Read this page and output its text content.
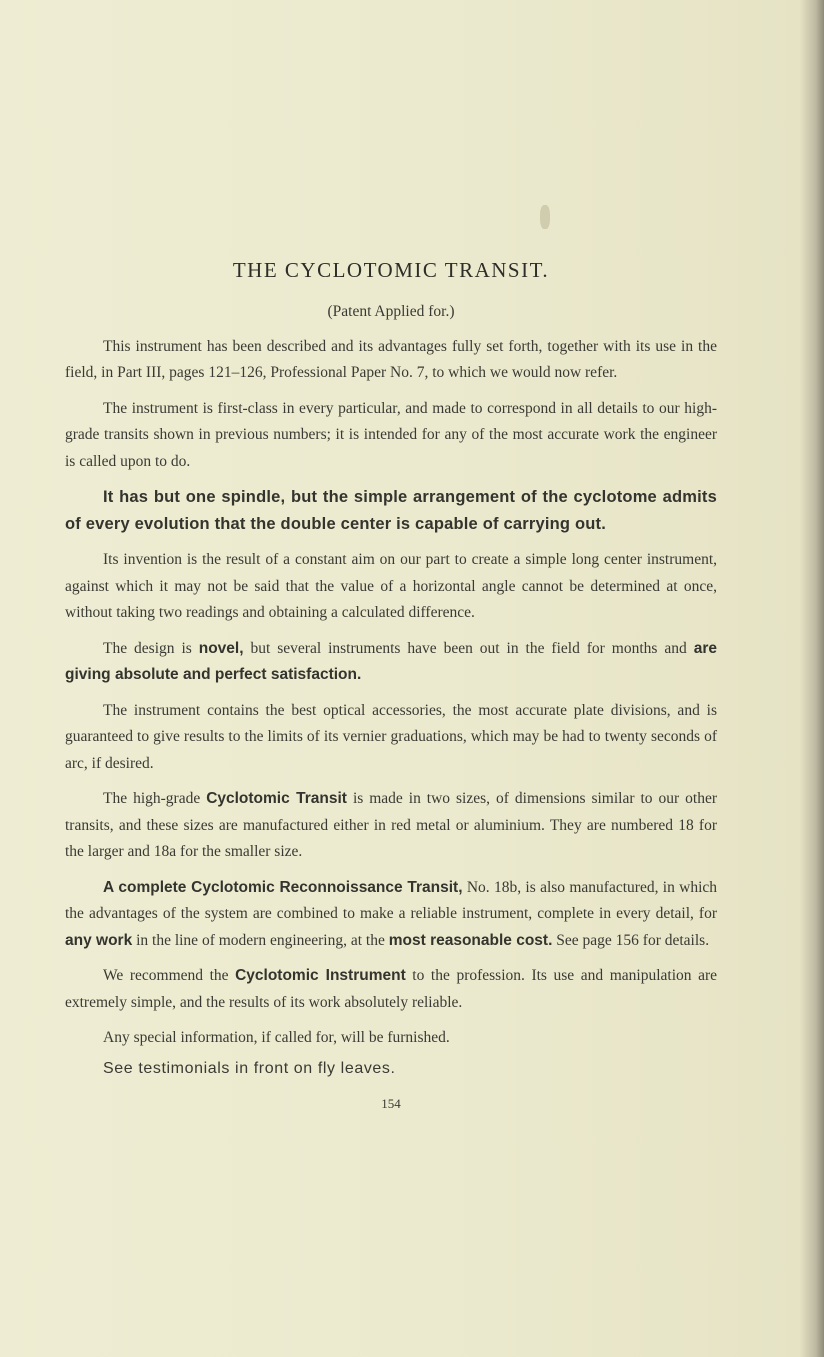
THE CYCLOTOMIC TRANSIT.
(Patent Applied for.)

This instrument has been described and its advantages fully set forth, together with its use in the field, in Part III, pages 121–126, Professional Paper No. 7, to which we would now refer.

The instrument is first-class in every particular, and made to correspond in all details to our high-grade transits shown in previous numbers; it is intended for any of the most accurate work the engineer is called upon to do.

It has but one spindle, but the simple arrangement of the cyclotome admits of every evolution that the double center is capable of carrying out.

Its invention is the result of a constant aim on our part to create a simple long center instrument, against which it may not be said that the value of a horizontal angle cannot be determined at once, without taking two readings and obtaining a calculated difference.

The design is novel, but several instruments have been out in the field for months and are giving absolute and perfect satisfaction.

The instrument contains the best optical accessories, the most accurate plate divisions, and is guaranteed to give results to the limits of its vernier graduations, which may be had to twenty seconds of arc, if desired.

The high-grade Cyclotomic Transit is made in two sizes, of dimensions similar to our other transits, and these sizes are manufactured either in red metal or aluminium. They are numbered 18 for the larger and 18a for the smaller size.

A complete Cyclotomic Reconnoissance Transit, No. 18b, is also manufactured, in which the advantages of the system are combined to make a reliable instrument, complete in every detail, for any work in the line of modern engineering, at the most reasonable cost. See page 156 for details.

We recommend the Cyclotomic Instrument to the profession. Its use and manipulation are extremely simple, and the results of its work absolutely reliable.

Any special information, if called for, will be furnished.

See testimonials in front on fly leaves.

154
